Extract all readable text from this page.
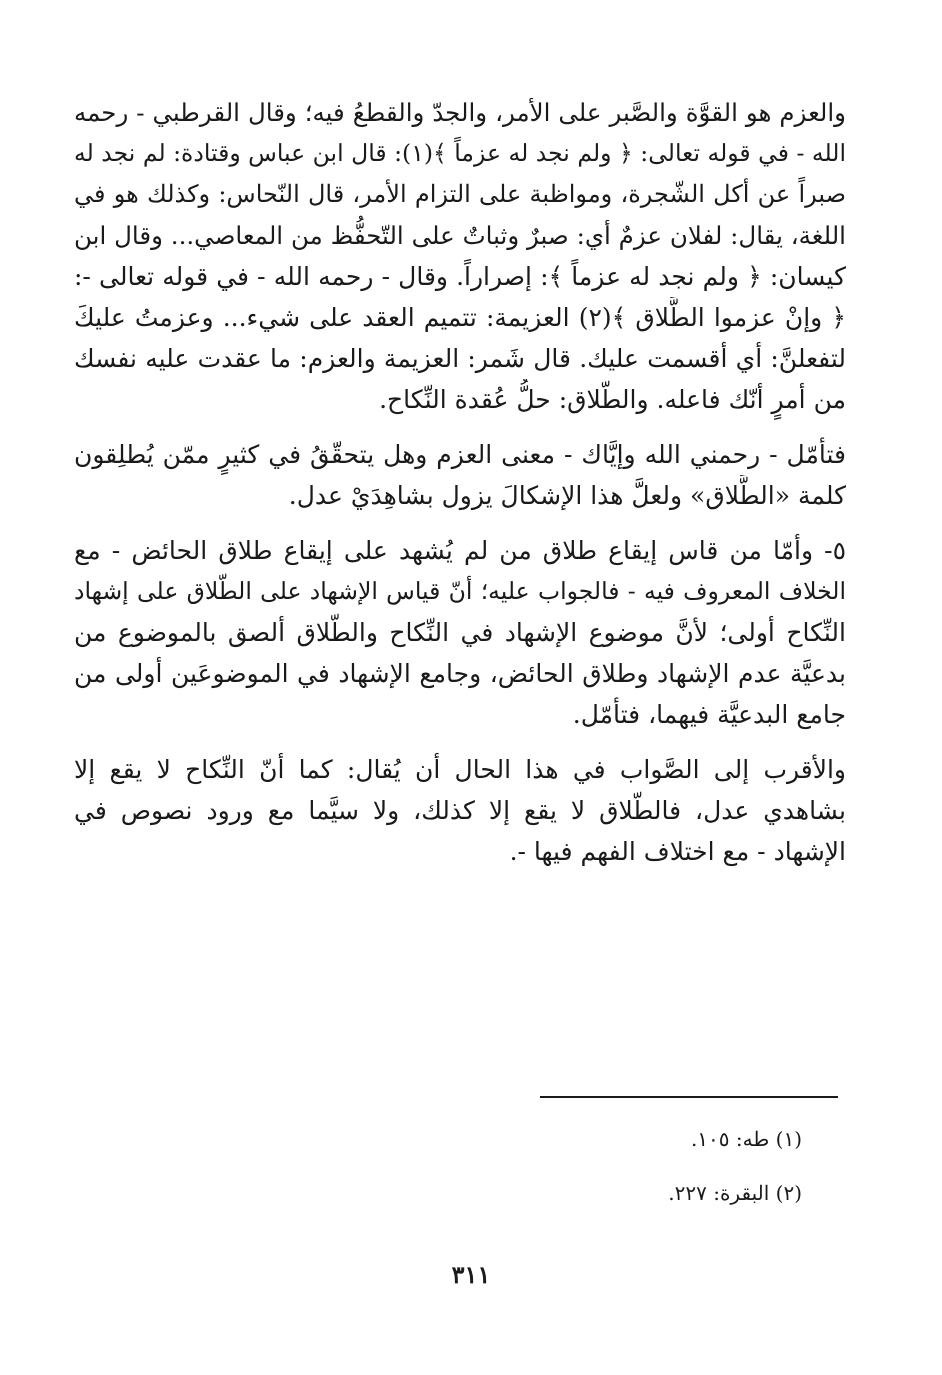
والعزم هو القوَّة والصَّبر على الأمر، والجدّ والقطعُ فيه؛ وقال القرطبي - رحمه
الله - في قوله تعالى: ﴿ ولم نجد له عزماً ﴾(١): قال ابن عباس وقتادة: لم نجد له
صبراً عن أكل الشّجرة، ومواظبة على التزام الأمر، قال النّحاس: وكذلك هو في
اللغة، يقال: لفلان عزمٌ أي: صبرٌ وثباتٌ على التّحفُّظ من المعاصي... وقال ابن
كيسان: ﴿ ولم نجد له عزماً ﴾: إصراراً. وقال - رحمه الله - في قوله تعالى -:
﴿ وإنْ عزموا الطَّلاق ﴾(٢) العزيمة: تتميم العقد على شيء... وعزمتُ عليكَ
لتفعلنَّ: أي أقسمت عليك. قال شَمر: العزيمة والعزم: ما عقدت عليه نفسك
من أمرٍ أنّك فاعله. والطّلاق: حلُّ عُقدة النِّكاح.
فتأمّل - رحمني الله وإيَّاك - معنى العزم وهل يتحقّقُ في كثيرٍ ممّن يُطلِقون
كلمة «الطَّلاق» ولعلَّ هذا الإشكالَ يزول بشاهِدَيْ عدل.
٥- وأمّا من قاس إيقاع طلاق من لم يُشهد على إيقاع طلاق الحائض - مع
الخلاف المعروف فيه - فالجواب عليه؛ أنّ قياس الإشهاد على الطّلاق على إشهاد
النِّكاح أولى؛ لأنَّ موضوع الإشهاد في النِّكاح والطّلاق ألصق بالموضوع من
بدعيَّة عدم الإشهاد وطلاق الحائض، وجامع الإشهاد في الموضوعَين أولى من
جامع البدعيَّة فيهما، فتأمّل.
والأقرب إلى الصَّواب في هذا الحال أن يُقال: كما أنّ النِّكاح لا يقع إلا
بشاهدي عدل، فالطّلاق لا يقع إلا كذلك، ولا سيَّما مع ورود نصوص في
الإشهاد - مع اختلاف الفهم فيها -.
(١) طه: ١٠٥.
(٢) البقرة: ٢٢٧.
٣١١
